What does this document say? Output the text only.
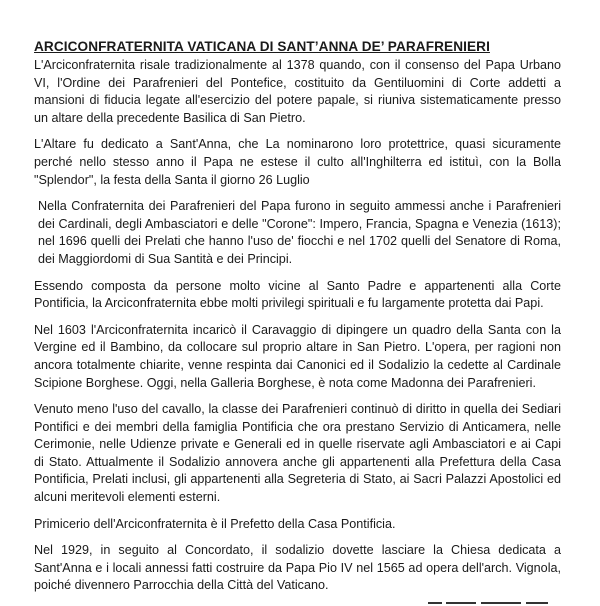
ARCICONFRATERNITA VATICANA DI SANT’ANNA DE’ PARAFRENIERI

L'Arciconfraternita risale tradizionalmente al 1378 quando, con il consenso del Papa Urbano VI, l'Ordine dei Parafrenieri del Pontefice, costituito da Gentiluomini di Corte addetti a mansioni di fiducia legate all'esercizio del potere papale, si riuniva sistematicamente presso un altare della precedente Basilica di San Pietro.

L'Altare fu dedicato a Sant'Anna, che La nominarono loro protettrice, quasi sicuramente perché nello stesso anno il Papa ne estese il culto all'Inghilterra ed istituì, con la Bolla "Splendor", la festa della Santa il giorno 26 Luglio

Nella Confraternita dei Parafrenieri del Papa furono in seguito ammessi anche i Parafrenieri dei Cardinali, degli Ambasciatori e delle "Corone": Impero, Francia, Spagna e Venezia (1613); nel 1696 quelli dei Prelati che hanno l'uso de' fiocchi e nel 1702 quelli del Senatore di Roma, dei Maggiordomi di Sua Santità e dei Principi.

Essendo composta da persone molto vicine al Santo Padre e appartenenti alla Corte Pontificia, la Arciconfraternita ebbe molti privilegi spirituali e fu largamente protetta dai Papi.

Nel 1603 l'Arciconfraternita incaricò il Caravaggio di dipingere un quadro della Santa con la Vergine ed il Bambino, da collocare sul proprio altare in San Pietro. L'opera, per ragioni non ancora totalmente chiarite, venne respinta dai Canonici ed il Sodalizio la cedette al Cardinale Scipione Borghese. Oggi, nella Galleria Borghese, è nota come Madonna dei Parafrenieri.

Venuto meno l'uso del cavallo, la classe dei Parafrenieri continuò di diritto in quella dei Sediari Pontifici e dei membri della famiglia Pontificia che ora prestano Servizio di Anticamera, nelle Cerimonie, nelle Udienze private e Generali ed in quelle riservate agli Ambasciatori e ai Capi di Stato. Attualmente il Sodalizio annovera anche gli appartenenti alla Prefettura della Casa Pontificia, Prelati inclusi, gli appartenenti alla Segreteria di Stato, ai Sacri Palazzi Apostolici ed alcuni meritevoli elementi esterni.

Primicerio dell'Arciconfraternita è il Prefetto della Casa Pontificia.

Nel 1929, in seguito al Concordato, il sodalizio dovette lasciare la Chiesa dedicata a Sant'Anna e i locali annessi fatti costruire da Papa Pio IV nel 1565 ad opera dell'arch. Vignola, poiché divennero Parrocchia della Città del Vaticano.
